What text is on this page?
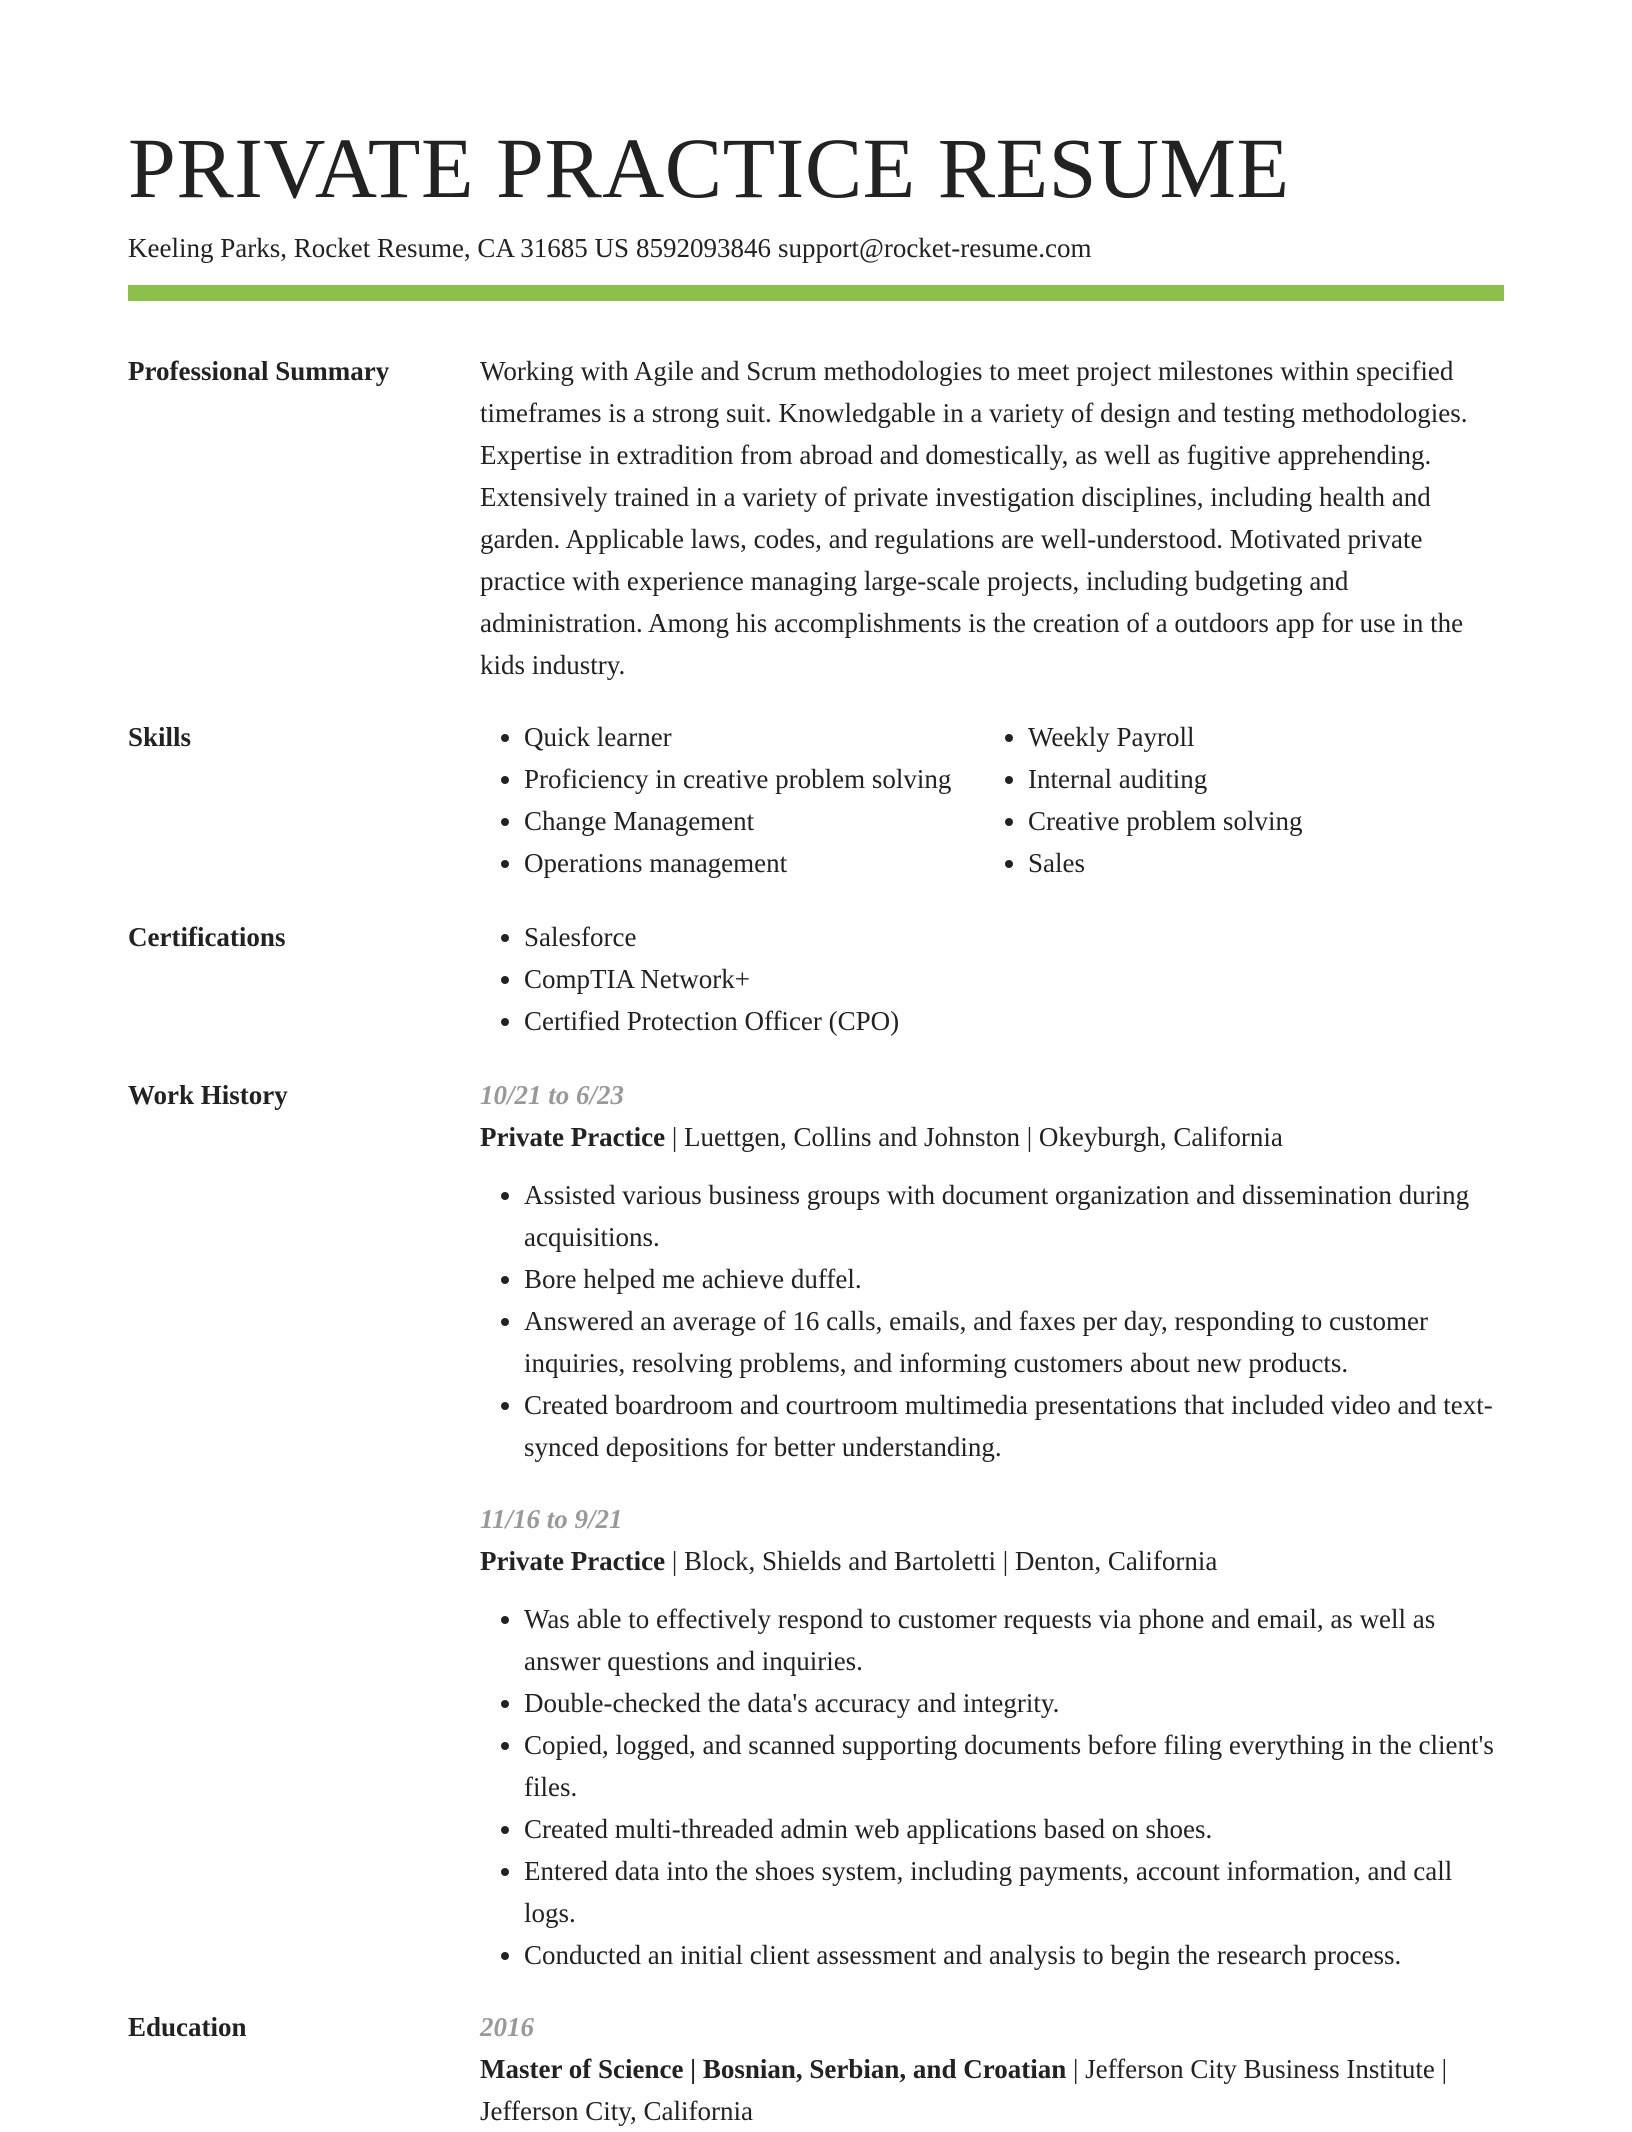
PRIVATE PRACTICE RESUME
Keeling Parks, Rocket Resume, CA 31685 US 8592093846 support@rocket-resume.com
Professional Summary	Working with Agile and Scrum methodologies to meet project milestones within specified timeframes is a strong suit. Knowledgable in a variety of design and testing methodologies. Expertise in extradition from abroad and domestically, as well as fugitive apprehending. Extensively trained in a variety of private investigation disciplines, including health and garden. Applicable laws, codes, and regulations are well-understood. Motivated private practice with experience managing large-scale projects, including budgeting and administration. Among his accomplishments is the creation of a outdoors app for use in the kids industry.

Skills	• Quick learner
• Proficiency in creative problem solving
• Change Management
• Operations management
• Weekly Payroll
• Internal auditing
• Creative problem solving
• Sales
Certifications	• Salesforce
• CompTIA Network+
• Certified Protection Officer (CPO)
Work History	10/21 to 6/23
Private Practice | Luettgen, Collins and Johnston | Okeyburgh, California
• Assisted various business groups with document organization and dissemination during acquisitions.
• Bore helped me achieve duffel.
• Answered an average of 16 calls, emails, and faxes per day, responding to customer inquiries, resolving problems, and informing customers about new products.
• Created boardroom and courtroom multimedia presentations that included video and text-synced depositions for better understanding.
11/16 to 9/21
Private Practice | Block, Shields and Bartoletti | Denton, California
• Was able to effectively respond to customer requests via phone and email, as well as answer questions and inquiries.
• Double-checked the data's accuracy and integrity.
• Copied, logged, and scanned supporting documents before filing everything in the client's files.
• Created multi-threaded admin web applications based on shoes.
• Entered data into the shoes system, including payments, account information, and call logs.
• Conducted an initial client assessment and analysis to begin the research process.
Education	2016
Master of Science | Bosnian, Serbian, and Croatian | Jefferson City Business Institute | Jefferson City, California
